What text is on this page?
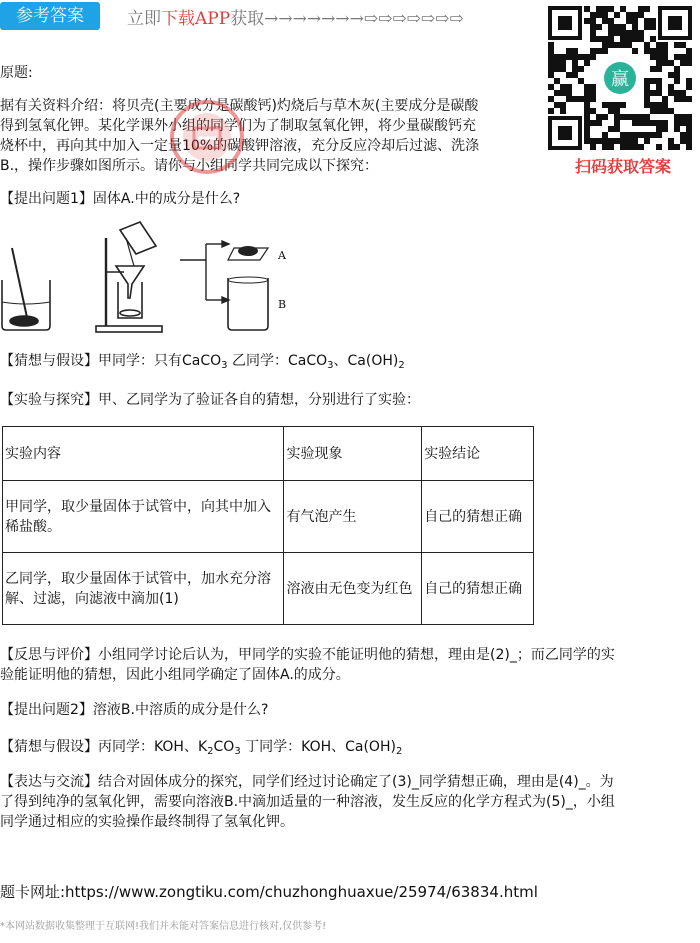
参考答案	立即下载APP获取→→→→→→→⇨⇨⇨⇨⇨⇨⇨
赢
扫码获取答案
原题:
据有关资料介绍：将贝壳(主要成分是碳酸钙)灼烧后与草木灰(主要成分是碳酸
得到氢氧化钾。某化学课外小组的同学们为了制取氢氧化钾，将少量碳酸钙充
烧杯中，再向其中加入一定量10%的碳酸钾溶液，充分反应冷却后过滤、洗涤
B.，操作步骤如图所示。请你与小组同学共同完成以下探究：
【提出问题1】固体A.中的成分是什么?
A
B
【猜想与假设】甲同学：只有CaCO$_3$ 乙同学：CaCO$_3$、$Ca(OH)_2$
【实验与探究】甲、乙同学为了验证各自的猜想，分别进行了实验：
实验内容	实验现象	实验结论
甲同学，取少量固体于试管中，向其中加入稀盐酸。	有气泡产生	自己的猜想正确
乙同学，取少量固体于试管中，加水充分溶解、过滤，向滤液中滴加(1)	溶液由无色变为红色	自己的猜想正确
【反思与评价】小组同学讨论后认为，甲同学的实验不能证明他的猜想，理由是(2)_；而乙同学的实
验能证明他的猜想，因此小组同学确定了固体A.的成分。
【提出问题2】溶液B.中溶质的成分是什么?
【猜想与假设】丙同学：KOH、$K_2CO_3$ 丁同学：KOH、$Ca(OH)_2$
【表达与交流】结合对固体成分的探究，同学们经过讨论确定了(3)_同学猜想正确，理由是(4)_。为
了得到纯净的氢氧化钾，需要向溶液B.中滴加适量的一种溶液，发生反应的化学方程式为(5)_，小组
同学通过相应的实验操作最终制得了氢氧化钾。
题卡网址:https://www.zongtiku.com/chuzhonghuaxue/25974/63834.html
*本网站数据收集整理于互联网!我们并未能对答案信息进行核对,仅供参考!
